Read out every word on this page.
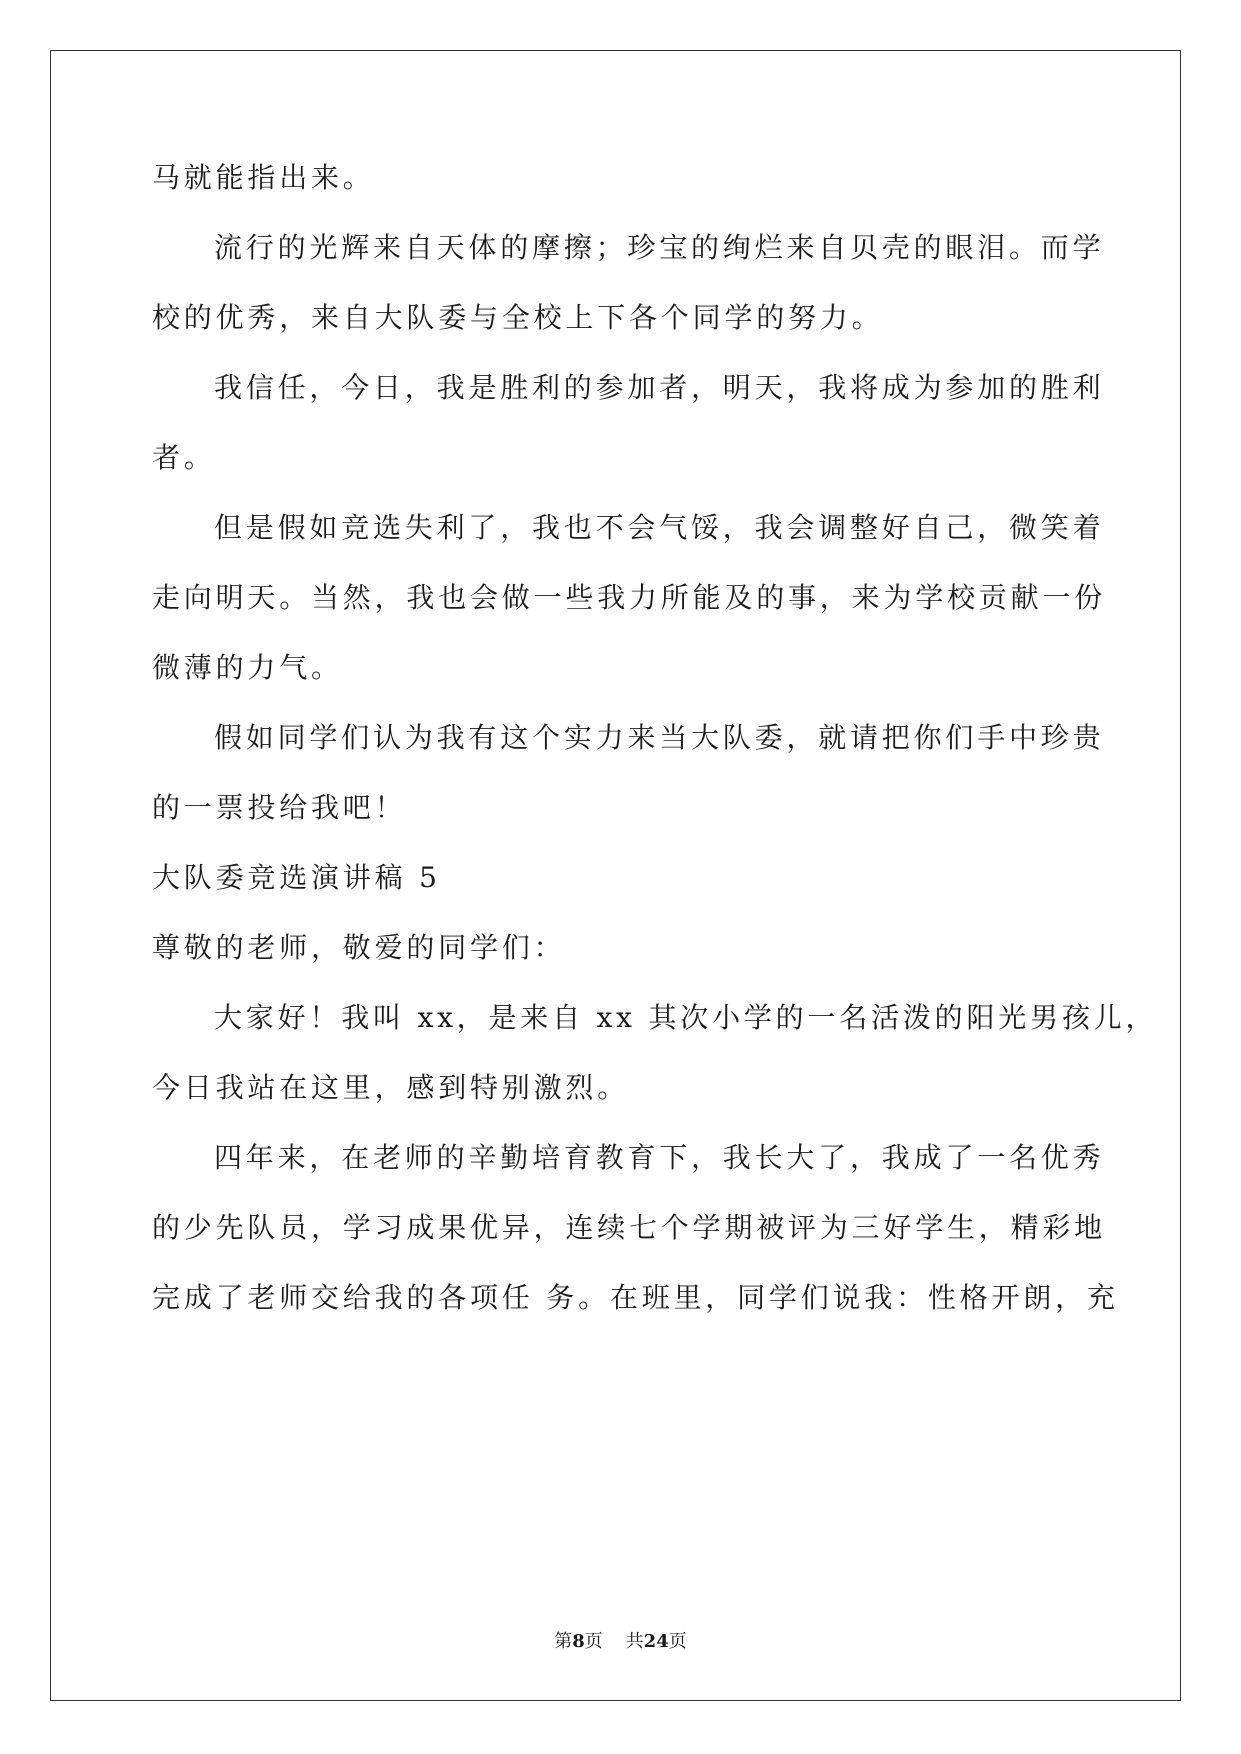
马就能指出来。
流行的光辉来自天体的摩擦；珍宝的绚烂来自贝壳的眼泪。而学
校的优秀，来自大队委与全校上下各个同学的努力。
我信任，今日，我是胜利的参加者，明天，我将成为参加的胜利
者。
但是假如竞选失利了，我也不会气馁，我会调整好自己，微笑着
走向明天。当然，我也会做一些我力所能及的事，来为学校贡献一份
微薄的力气。
假如同学们认为我有这个实力来当大队委，就请把你们手中珍贵
的一票投给我吧！
大队委竞选演讲稿 5
尊敬的老师，敬爱的同学们：
大家好！我叫 xx，是来自 xx 其次小学的一名活泼的阳光男孩儿，
今日我站在这里，感到特别激烈。
四年来，在老师的辛勤培育教育下，我长大了，我成了一名优秀
的少先队员，学习成果优异，连续七个学期被评为三好学生，精彩地
完成了老师交给我的各项任 务。在班里，同学们说我：性格开朗，充
第8页    共24页
